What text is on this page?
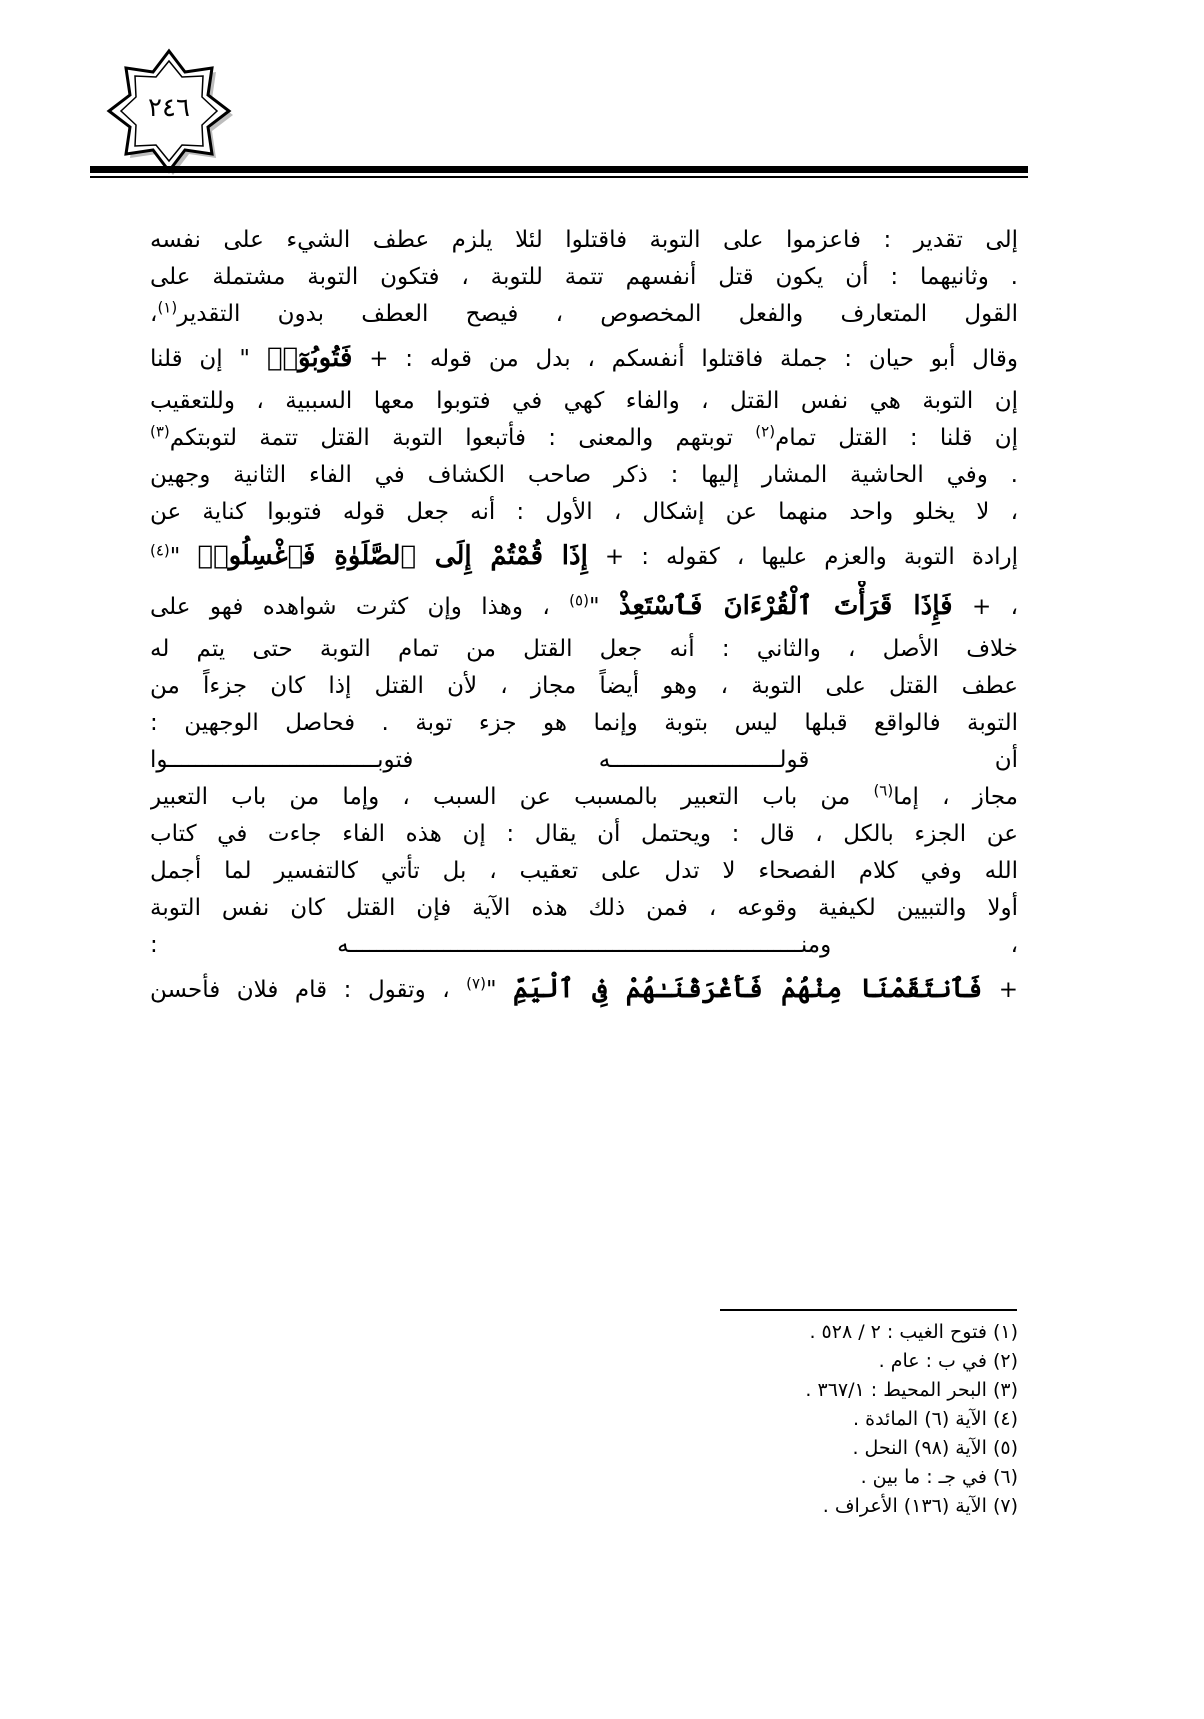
٢٤٦
إلى تقدير : فاعزموا على التوبة فاقتلوا لئلا يلزم عطف الشيء على نفسه
. وثانيهما : أن يكون قتل أنفسهم تتمة للتوبة ، فتكون التوبة مشتملة على
القول المتعارف والفعل المخصوص ، فيصح العطف بدون التقدير$^{(١)}$،
وقال أبو حيان : جملة فاقتلوا أنفسكم ، بدل من قوله : + فَتُوبُوٓا۟ " إن قلنا
إن التوبة هي نفس القتل ، والفاء كهي في فتوبوا معها السببية ، وللتعقيب
إن قلنا : القتل تمام$^{(٢)}$ توبتهم والمعنى : فأتبعوا التوبة القتل تتمة لتوبتكم$^{(٣)}$
. وفي الحاشية المشار إليها : ذكر صاحب الكشاف في الفاء الثانية وجهين
، لا يخلو واحد منهما عن إشكال ، الأول : أنه جعل قوله فتوبوا كناية عن
إرادة التوبة والعزم عليها ، كقوله : + إِذَا قُمْتُمْ إِلَى ٱلصَّلَوٰةِ فَٱغْسِلُوا۟ "$^{(٤)}$
، + فَإِذَا قَرَأْتَ ٱلْقُرْءَانَ فَٱسْتَعِذْ "$^{(٥)}$ ، وهذا وإن كثرت شواهده فهو على
خلاف الأصل ، والثاني : أنه جعل القتل من تمام التوبة حتى يتم له
عطف القتل على التوبة ، وهو أيضاً مجاز ، لأن القتل إذا كان جزءاً من
التوبة فالواقع قبلها ليس بتوبة وإنما هو جزء توبة . فحاصل الوجهين :
أن قولـــــــــــــــــــــــــه فتوبـــــــــــــــــــــــــــــــوا
مجاز ، إما$^{(٦)}$ من باب التعبير بالمسبب عن السبب ، وإما من باب التعبير
عن الجزء بالكل ، قال : ويحتمل أن يقال : إن هذه الفاء جاءت في كتاب
الله وفي كلام الفصحاء لا تدل على تعقيب ، بل تأتي كالتفسير لما أجمل
أولا والتبيين لكيفية وقوعه ، فمن ذلك هذه الآية فإن القتل كان نفس التوبة
، ومنـــــــــــــــــــــــــــــــــــــــــــــــــــــــــــــــــــه :
+ فَٱنتَقَمْنَا مِنْهُمْ فَأَغْرَقْنَـٰهُمْ فِى ٱلْيَمِّ "$^{(٧)}$ ، وتقول : قام فلان فأحسن
(١) فتوح الغيب : ٢ / ٥٢٨ .
(٢) في ب : عام .
(٣) البحر المحيط : ٣٦٧/١ .
(٤) الآية (٦) المائدة .
(٥) الآية (٩٨) النحل .
(٦) في جـ : ما بين .
(٧) الآية (١٣٦) الأعراف .
